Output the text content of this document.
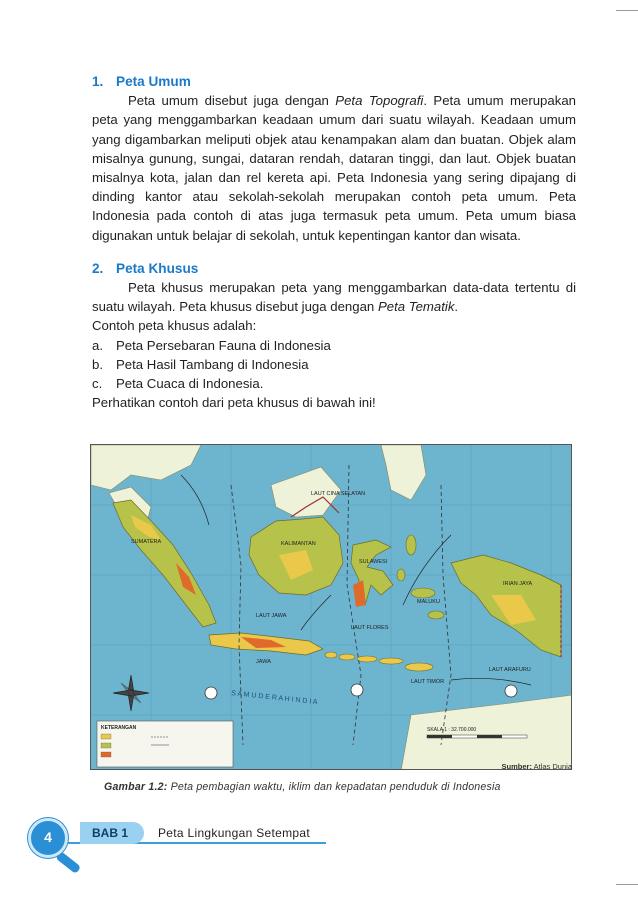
1. Peta Umum

Peta umum disebut juga dengan Peta Topografi. Peta umum merupakan peta yang menggambarkan keadaan umum dari suatu wilayah. Keadaan umum yang digambarkan meliputi objek atau kenampakan alam dan buatan. Objek alam misalnya gunung, sungai, dataran rendah, dataran tinggi, dan laut. Objek buatan misalnya kota, jalan dan rel kereta api. Peta Indonesia yang sering dipajang di dinding kantor atau sekolah-sekolah merupakan contoh peta umum. Peta Indonesia pada contoh di atas juga termasuk peta umum. Peta umum biasa digunakan untuk belajar di sekolah, untuk kepentingan kantor dan wisata.

2. Peta Khusus

Peta khusus merupakan peta yang menggambarkan data-data tertentu di suatu wilayah. Peta khusus disebut juga dengan Peta Tematik.

Contoh peta khusus adalah:
a. Peta Persebaran Fauna di Indonesia
b. Peta Hasil Tambang di Indonesia
c. Peta Cuaca di Indonesia.
Perhatikan contoh dari peta khusus di bawah ini!
LAUT CINA SELATAN
S A M U D E R A H I N D I A
LAUT JAWA
LAUT FLORES
LAUT TIMOR
LAUT ARAFURU
SUMATERA	KALIMANTAN
SULAWESI
MALUKU
IRIAN JAYA
JAWA
KETERANGAN	SKALA 1 : 32.700.000
Sumber: Atlas Dunia
Gambar 1.2: Peta pembagian waktu, iklim dan kepadatan penduduk di Indonesia
4	BAB 1 Peta Lingkungan Setempat
